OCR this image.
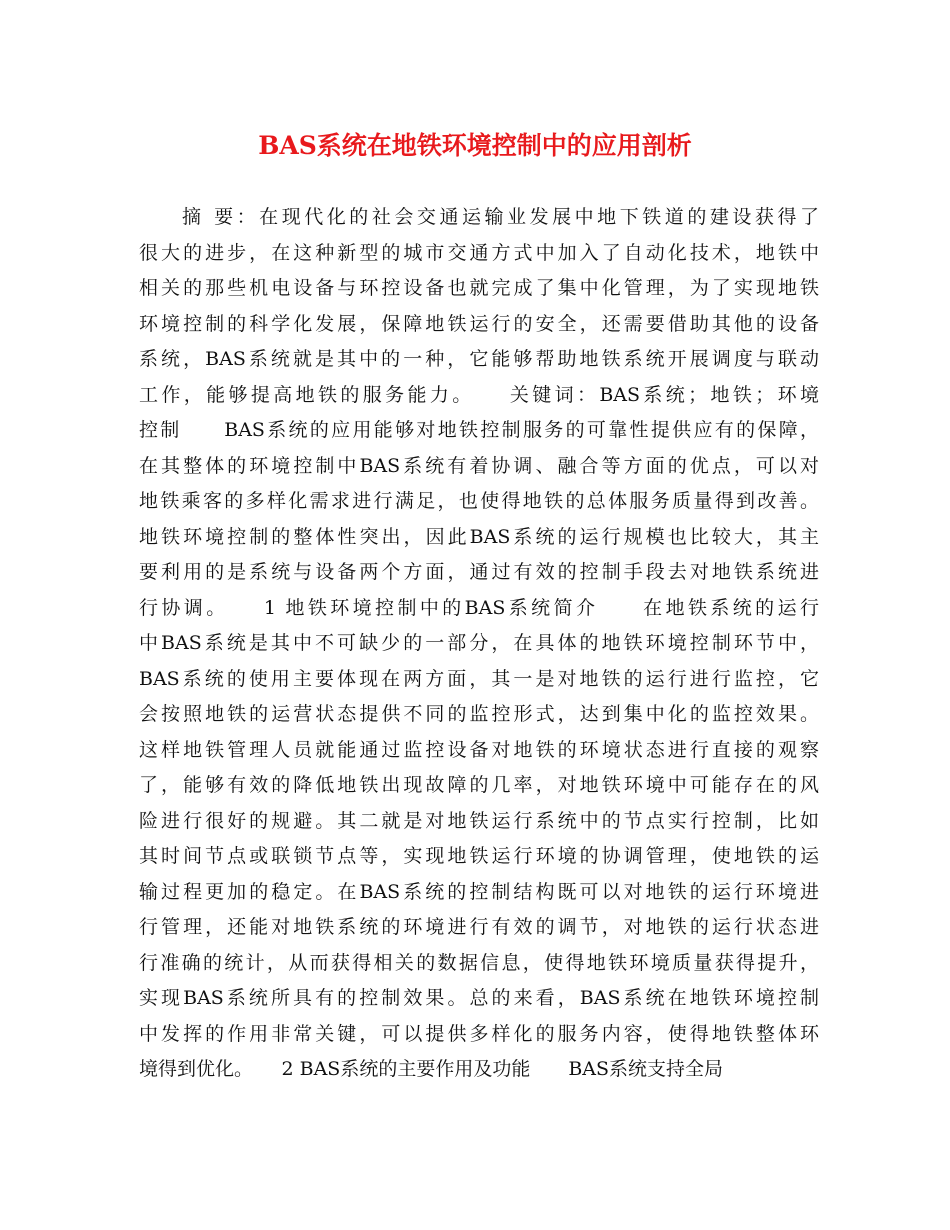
BAS系统在地铁环境控制中的应用剖析
摘 要：在现代化的社会交通运输业发展中地下铁道的建设获得了
很大的进步，在这种新型的城市交通方式中加入了自动化技术，地铁中
相关的那些机电设备与环控设备也就完成了集中化管理，为了实现地铁
环境控制的科学化发展，保障地铁运行的安全，还需要借助其他的设备
系统，BAS系统就是其中的一种，它能够帮助地铁系统开展调度与联动
工作，能够提高地铁的服务能力。　　关键词：BAS系统；地铁；环境
控制　　BAS系统的应用能够对地铁控制服务的可靠性提供应有的保障，
在其整体的环境控制中BAS系统有着协调、融合等方面的优点，可以对
地铁乘客的多样化需求进行满足，也使得地铁的总体服务质量得到改善。
地铁环境控制的整体性突出，因此BAS系统的运行规模也比较大，其主
要利用的是系统与设备两个方面，通过有效的控制手段去对地铁系统进
行协调。　　1 地铁环境控制中的BAS系统简介　　在地铁系统的运行
中BAS系统是其中不可缺少的一部分，在具体的地铁环境控制环节中，
BAS系统的使用主要体现在两方面，其一是对地铁的运行进行监控，它
会按照地铁的运营状态提供不同的监控形式，达到集中化的监控效果。
这样地铁管理人员就能通过监控设备对地铁的环境状态进行直接的观察
了，能够有效的降低地铁出现故障的几率，对地铁环境中可能存在的风
险进行很好的规避。其二就是对地铁运行系统中的节点实行控制，比如
其时间节点或联锁节点等，实现地铁运行环境的协调管理，使地铁的运
输过程更加的稳定。在BAS系统的控制结构既可以对地铁的运行环境进
行管理，还能对地铁系统的环境进行有效的调节，对地铁的运行状态进
行准确的统计，从而获得相关的数据信息，使得地铁环境质量获得提升，
实现BAS系统所具有的控制效果。总的来看，BAS系统在地铁环境控制
中发挥的作用非常关键，可以提供多样化的服务内容，使得地铁整体环
境得到优化。　　2 BAS系统的主要作用及功能　　BAS系统支持全局
